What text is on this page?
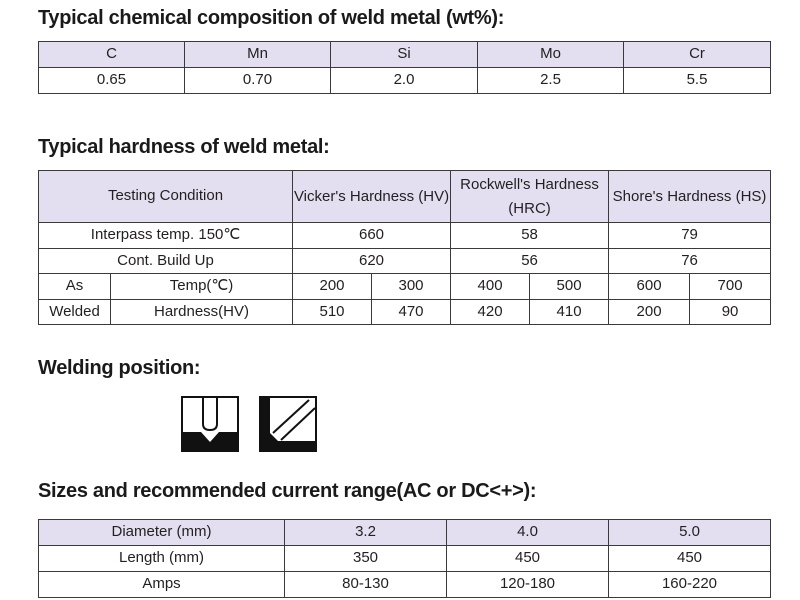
Typical chemical composition of weld metal (wt%):
C	Mn	Si	Mo	Cr
0.65	0.70	2.0	2.5	5.5
Typical hardness of weld metal:
Testing Condition		Vicker's Hardness (HV)		Rockwell's Hardness (HRC)		Shore's Hardness (HS)	
Interpass temp. 150℃		660		58		79	
Cont. Build Up		620		56		76	
As	Temp(℃)	200	300	400	500	600	700
Welded	Hardness(HV)	510	470	420	410	200	90
Welding position:
Sizes and recommended current range(AC or DC<+>):
Diameter (mm)	3.2	4.0	5.0
Length (mm)	350	450	450
Amps	80-130	120-180	160-220
